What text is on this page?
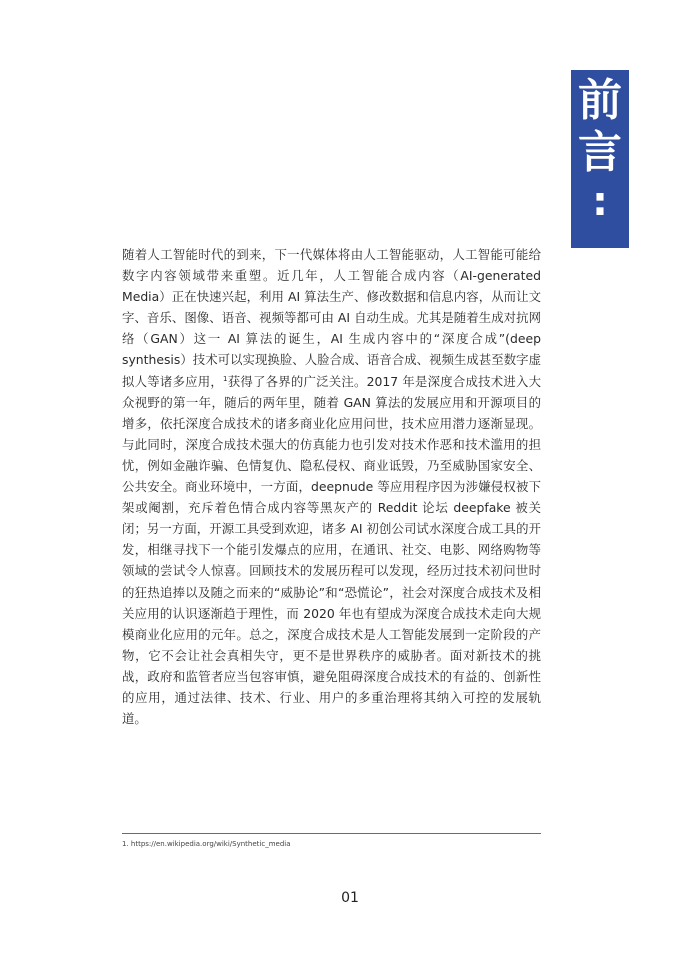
前
言
:

随着人工智能时代的到来，下一代媒体将由人工智能驱动，人工智能可能给数字内容领域带来重塑。近几年，人工智能合成内容（AI-generated Media）正在快速兴起，利用 AI 算法生产、修改数据和信息内容，从而让文字、音乐、图像、语音、视频等都可由 AI 自动生成。尤其是随着生成对抗网络（GAN）这一 AI 算法的诞生，AI 生成内容中的“深度合成”(deep synthesis）技术可以实现换脸、人脸合成、语音合成、视频生成甚至数字虚拟人等诸多应用，$^1$获得了各界的广泛关注。2017 年是深度合成技术进入大众视野的第一年，随后的两年里，随着 GAN 算法的发展应用和开源项目的增多，依托深度合成技术的诸多商业化应用问世，技术应用潜力逐渐显现。与此同时，深度合成技术强大的仿真能力也引发对技术作恶和技术滥用的担忧，例如金融诈骗、色情复仇、隐私侵权、商业诋毁，乃至威胁国家安全、公共安全。商业环境中，一方面，deepnude 等应用程序因为涉嫌侵权被下架或阉割，充斥着色情合成内容等黑灰产的 Reddit 论坛 deepfake 被关闭；另一方面，开源工具受到欢迎，诸多 AI 初创公司试水深度合成工具的开发，相继寻找下一个能引发爆点的应用，在通讯、社交、电影、网络购物等领域的尝试令人惊喜。回顾技术的发展历程可以发现，经历过技术初问世时的狂热追捧以及随之而来的“威胁论”和“恐慌论”，社会对深度合成技术及相关应用的认识逐渐趋于理性，而 2020 年也有望成为深度合成技术走向大规模商业化应用的元年。总之，深度合成技术是人工智能发展到一定阶段的产物，它不会让社会真相失守，更不是世界秩序的威胁者。面对新技术的挑战，政府和监管者应当包容审慎，避免阻碍深度合成技术的有益的、创新性的应用，通过法律、技术、行业、用户的多重治理将其纳入可控的发展轨道。

1. https://en.wikipedia.org/wiki/Synthetic_media
01
